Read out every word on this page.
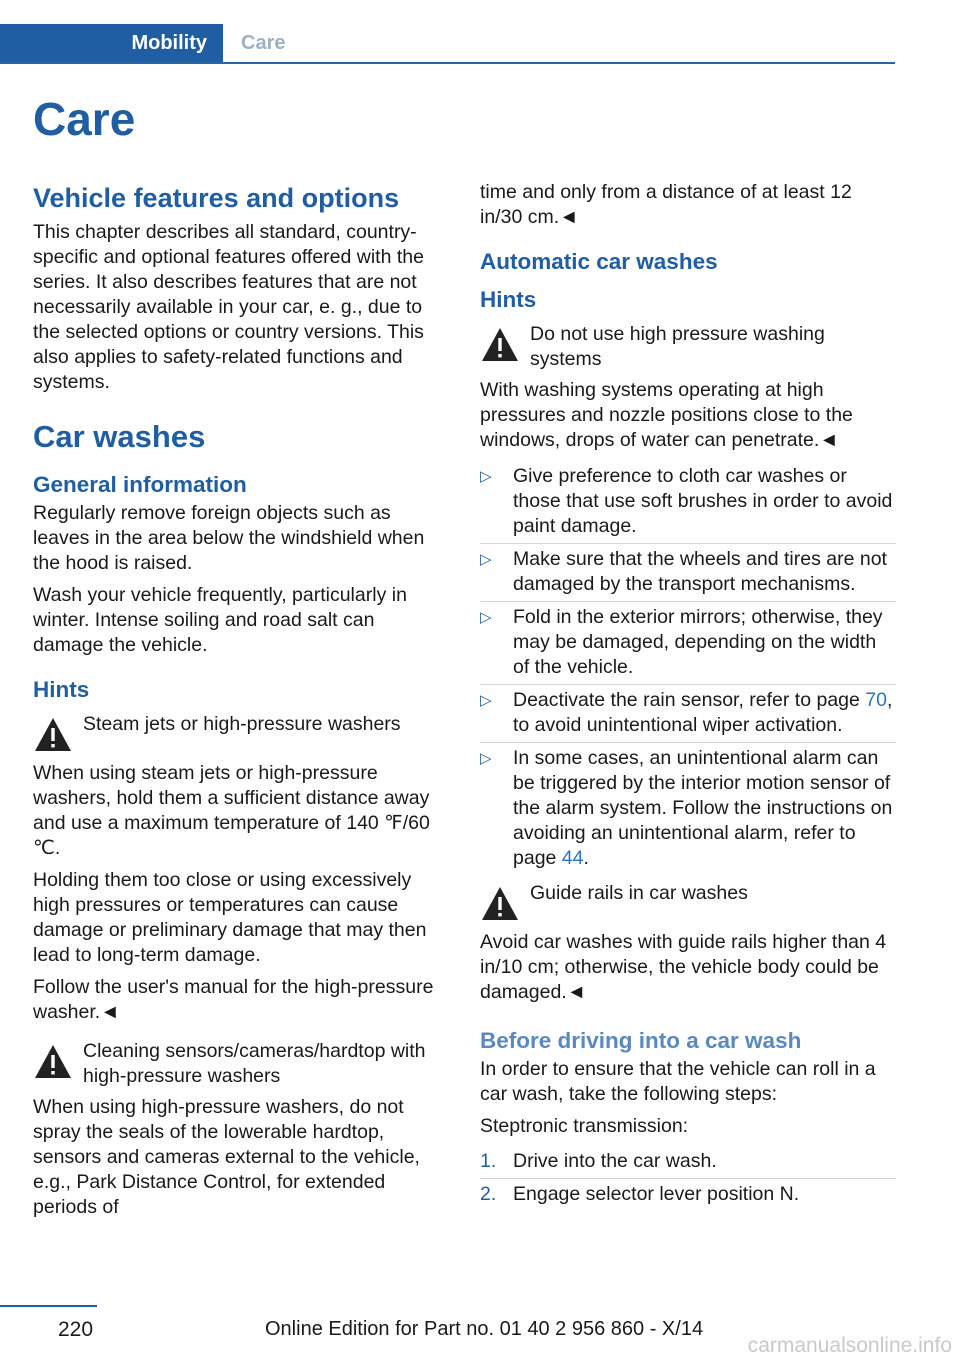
Mobility	Care
Care
Vehicle features and options

This chapter describes all standard, country-specific and optional features offered with the series. It also describes features that are not necessarily available in your car, e. g., due to the selected options or country versions. This also applies to safety-related functions and systems.

Car washes
General information

Regularly remove foreign objects such as leaves in the area below the windshield when the hood is raised.

Wash your vehicle frequently, particularly in winter. Intense soiling and road salt can damage the vehicle.

Hints
Steam jets or high-pressure washers

When using steam jets or high-pressure washers, hold them a sufficient distance away and use a maximum temperature of 140 ℉/60 ℃.

Holding them too close or using excessively high pressures or temperatures can cause damage or preliminary damage that may then lead to long-term damage.

Follow the user's manual for the high-pressure washer.◄

Cleaning sensors/cameras/hardtop with high-pressure washers

When using high-pressure washers, do not spray the seals of the lowerable hardtop, sensors and cameras external to the vehicle, e.g., Park Distance Control, for extended periods of

time and only from a distance of at least 12 in/30 cm.◄

Automatic car washes
Hints
Do not use high pressure washing systems

With washing systems operating at high pressures and nozzle positions close to the windows, drops of water can penetrate.◄

▷ Give preference to cloth car washes or those that use soft brushes in order to avoid paint damage.
▷ Make sure that the wheels and tires are not damaged by the transport mechanisms.
▷ Fold in the exterior mirrors; otherwise, they may be damaged, depending on the width of the vehicle.
▷ Deactivate the rain sensor, refer to page 70, to avoid unintentional wiper activation.
▷ In some cases, an unintentional alarm can be triggered by the interior motion sensor of the alarm system. Follow the instructions on avoiding an unintentional alarm, refer to page 44.
Guide rails in car washes

Avoid car washes with guide rails higher than 4 in/10 cm; otherwise, the vehicle body could be damaged.◄

Before driving into a car wash

In order to ensure that the vehicle can roll in a car wash, take the following steps:

Steptronic transmission:

1. Drive into the car wash.
2. Engage selector lever position N.
220	Online Edition for Part no. 01 40 2 956 860 - X/14
carmanualsonline.info
